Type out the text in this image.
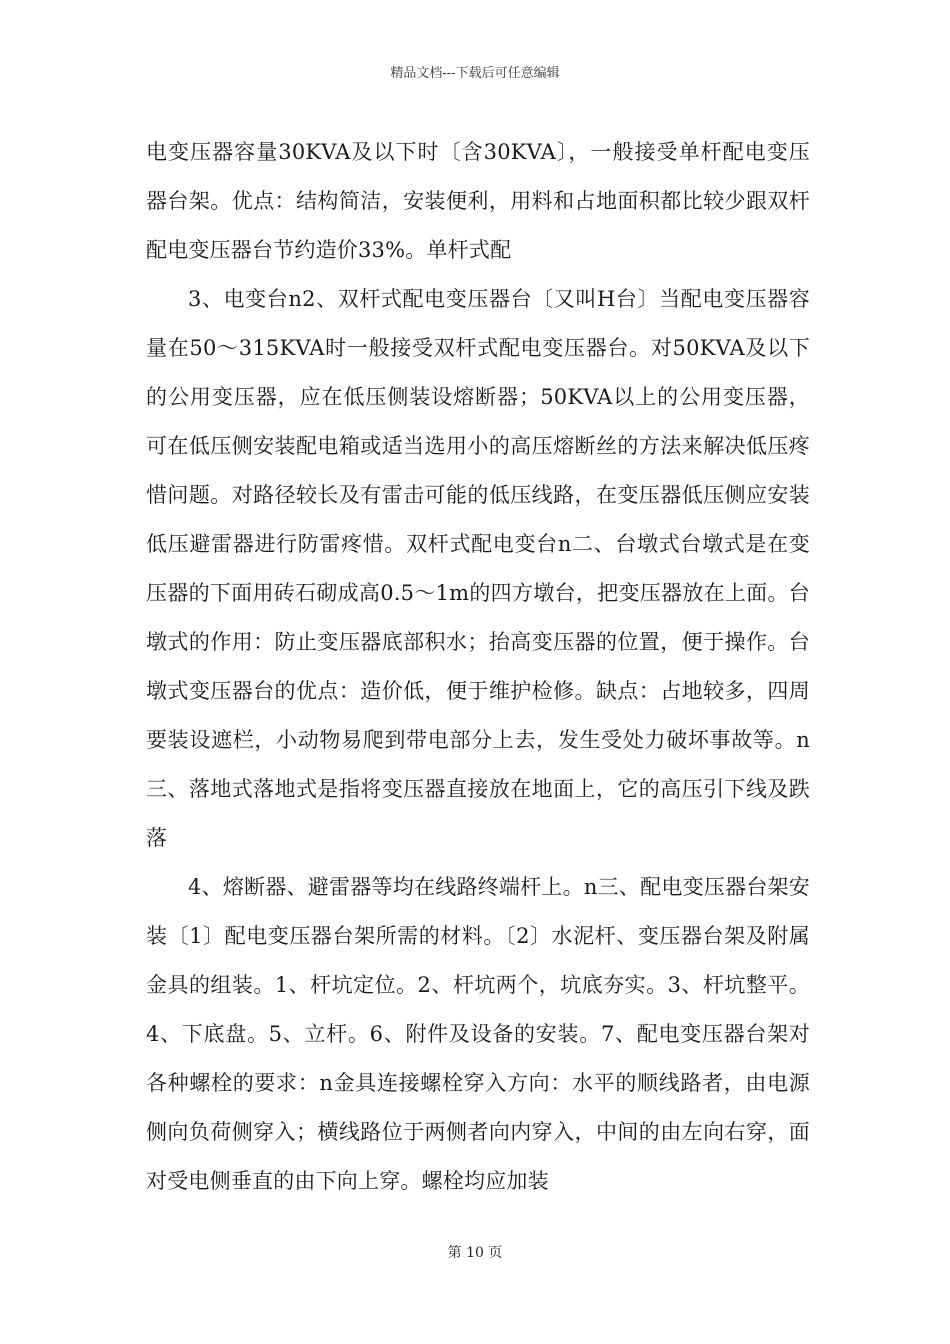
精品文档---下载后可任意编辑

电变压器容量30KVA及以下时〔含30KVA〕，一般接受单杆配电变压器台架。优点：结构简洁，安装便利，用料和占地面积都比较少跟双杆配电变压器台节约造价33%。单杆式配

3、电变台n2、双杆式配电变压器台〔又叫H台〕当配电变压器容量在50～315KVA时一般接受双杆式配电变压器台。对50KVA及以下的公用变压器，应在低压侧装设熔断器；50KVA以上的公用变压器，可在低压侧安装配电箱或适当选用小的高压熔断丝的方法来解决低压疼惜问题。对路径较长及有雷击可能的低压线路，在变压器低压侧应安装低压避雷器进行防雷疼惜。双杆式配电变台n二、台墩式台墩式是在变压器的下面用砖石砌成高0.5～1m的四方墩台，把变压器放在上面。台墩式的作用：防止变压器底部积水；抬高变压器的位置，便于操作。台墩式变压器台的优点：造价低，便于维护检修。缺点：占地较多，四周要装设遮栏，小动物易爬到带电部分上去，发生受处力破坏事故等。n三、落地式落地式是指将变压器直接放在地面上，它的高压引下线及跌落

4、熔断器、避雷器等均在线路终端杆上。n三、配电变压器台架安装〔1〕配电变压器台架所需的材料。〔2〕水泥杆、变压器台架及附属金具的组装。1、杆坑定位。2、杆坑两个，坑底夯实。3、杆坑整平。4、下底盘。5、立杆。6、附件及设备的安装。7、配电变压器台架对各种螺栓的要求：n金具连接螺栓穿入方向：水平的顺线路者，由电源侧向负荷侧穿入；横线路位于两侧者向内穿入，中间的由左向右穿，面对受电侧垂直的由下向上穿。螺栓均应加装

第 10 页
